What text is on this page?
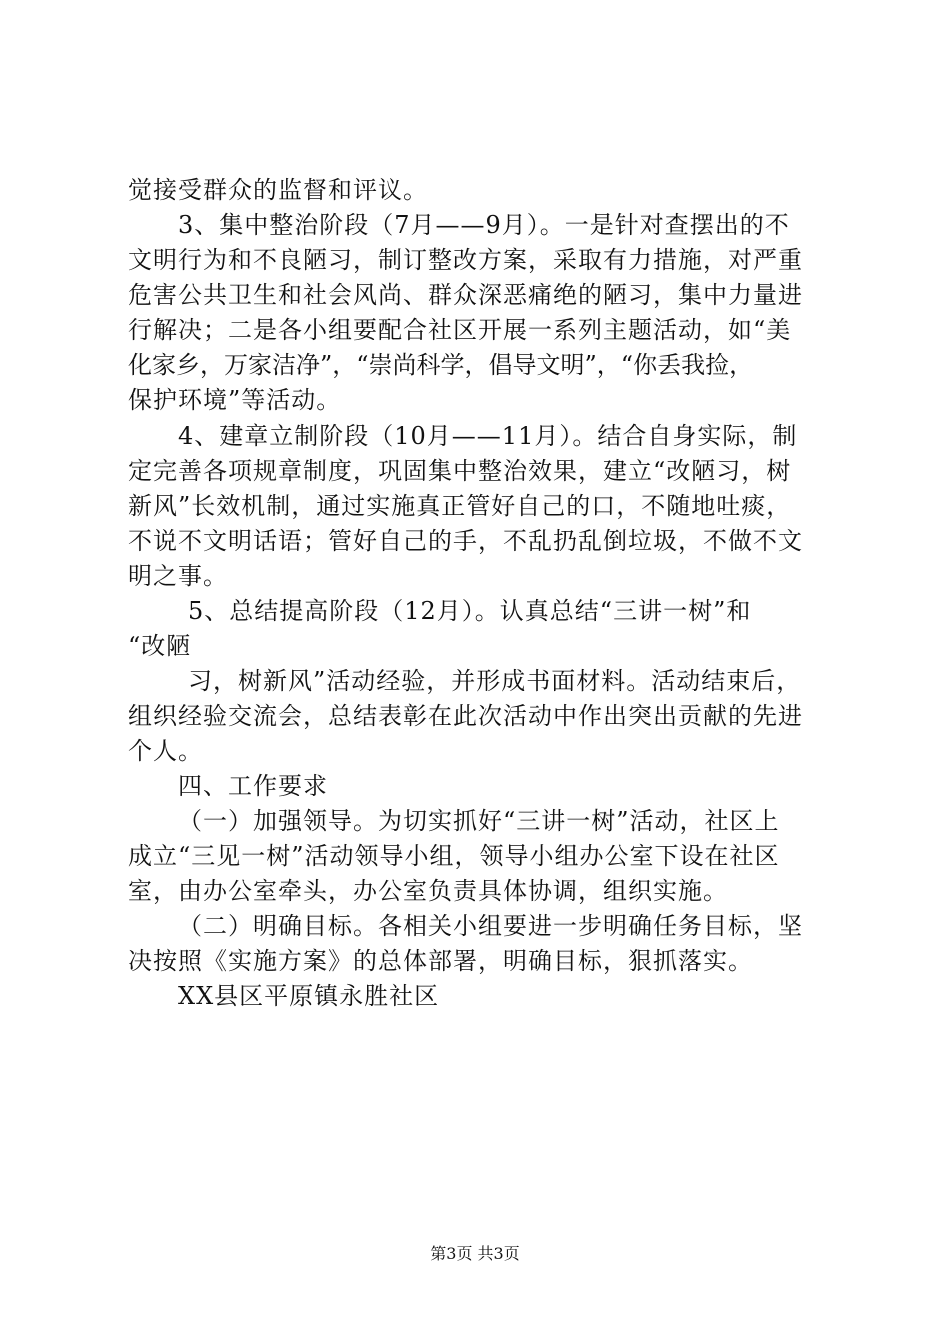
觉接受群众的监督和评议。
3、集中整治阶段（7月——9月）。一是针对查摆出的不
文明行为和不良陋习，制订整改方案，采取有力措施，对严重
危害公共卫生和社会风尚、群众深恶痛绝的陋习，集中力量进
行解决；二是各小组要配合社区开展一系列主题活动，如“美
化家乡，万家洁净”，“崇尚科学，倡导文明”，“你丢我捡，
保护环境”等活动。
4、建章立制阶段（10月——11月）。结合自身实际，制
定完善各项规章制度，巩固集中整治效果，建立“改陋习，树
新风”长效机制，通过实施真正管好自己的口，不随地吐痰，
不说不文明话语；管好自己的手，不乱扔乱倒垃圾，不做不文
明之事。
5、总结提高阶段（12月）。认真总结“三讲一树”和
“改陋
习，树新风”活动经验，并形成书面材料。活动结束后，
组织经验交流会，总结表彰在此次活动中作出突出贡献的先进
个人。
四、工作要求
（一）加强领导。为切实抓好“三讲一树”活动，社区上
成立“三见一树”活动领导小组，领导小组办公室下设在社区
室，由办公室牵头，办公室负责具体协调，组织实施。
（二）明确目标。各相关小组要进一步明确任务目标，坚
决按照《实施方案》的总体部署，明确目标，狠抓落实。
XX县区平原镇永胜社区
第3页 共3页
